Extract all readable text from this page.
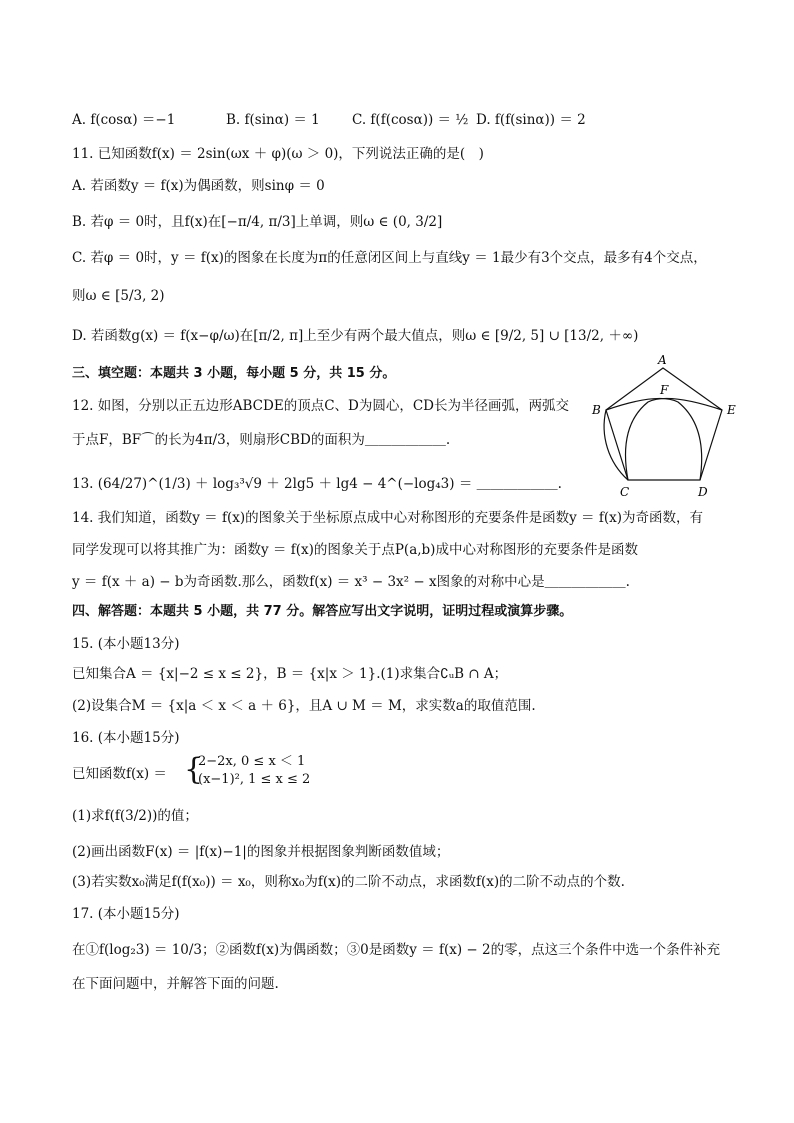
A. f(cosα) ＝−1	B. f(sinα) ＝ 1 C. f(f(cosα)) ＝ ½ D. f(f(sinα)) ＝ 2
11. 已知函数f(x) ＝ 2sin(ωx ＋ φ)(ω ＞ 0)，下列说法正确的是(　)
A. 若函数y ＝ f(x)为偶函数，则sinφ ＝ 0
B. 若φ ＝ 0时，且f(x)在[−π/4, π/3]上单调，则ω ∈ (0, 3/2]
C. 若φ ＝ 0时，y ＝ f(x)的图象在长度为π的任意闭区间上与直线y ＝ 1最少有3个交点，最多有4个交点，
则ω ∈ [5/3, 2)
D. 若函数g(x) ＝ f(x−φ/ω)在[π/2, π]上至少有两个最大值点，则ω ∈ [9/2, 5] ∪ [13/2, ＋∞)
三、填空题：本题共 3 小题，每小题 5 分，共 15 分。
12. 如图，分别以正五边形ABCDE的顶点C、D为圆心，CD长为半径画弧，两弧交
于点F，BF⌒的长为4π/3，则扇形CBD的面积为＿＿＿＿＿＿.
13. (64/27)^(1/3) ＋ log₃³√9 ＋ 2lg5 ＋ lg4 − 4^(−log₄3) ＝ ＿＿＿＿＿＿.
14. 我们知道，函数y ＝ f(x)的图象关于坐标原点成中心对称图形的充要条件是函数y ＝ f(x)为奇函数，有
同学发现可以将其推广为：函数y ＝ f(x)的图象关于点P(a,b)成中心对称图形的充要条件是函数
y ＝ f(x ＋ a) − b为奇函数.那么，函数f(x) ＝ x³ − 3x² − x图象的对称中心是＿＿＿＿＿＿.
四、解答题：本题共 5 小题，共 77 分。解答应写出文字说明，证明过程或演算步骤。
15. (本小题13分)
已知集合A ＝ {x|−2 ≤ x ≤ 2}，B ＝ {x|x ＞ 1}.(1)求集合∁ᵤB ∩ A；
(2)设集合M ＝ {x|a ＜ x ＜ a ＋ 6}，且A ∪ M ＝ M，求实数a的取值范围.
16. (本小题15分)
已知函数f(x) ＝ {
2−2x, 0 ≤ x ＜ 1
(x−1)², 1 ≤ x ≤ 2
(1)求f(f(3/2))的值；
(2)画出函数F(x) ＝ |f(x)−1|的图象并根据图象判断函数值域；
(3)若实数x₀满足f(f(x₀)) ＝ x₀，则称x₀为f(x)的二阶不动点，求函数f(x)的二阶不动点的个数.
17. (本小题15分)
在①f(log₂3) ＝ 10/3；②函数f(x)为偶函数；③0是函数y ＝ f(x) − 2的零，点这三个条件中选一个条件补充
在下面问题中，并解答下面的问题.
A
B	E
F
C	D
